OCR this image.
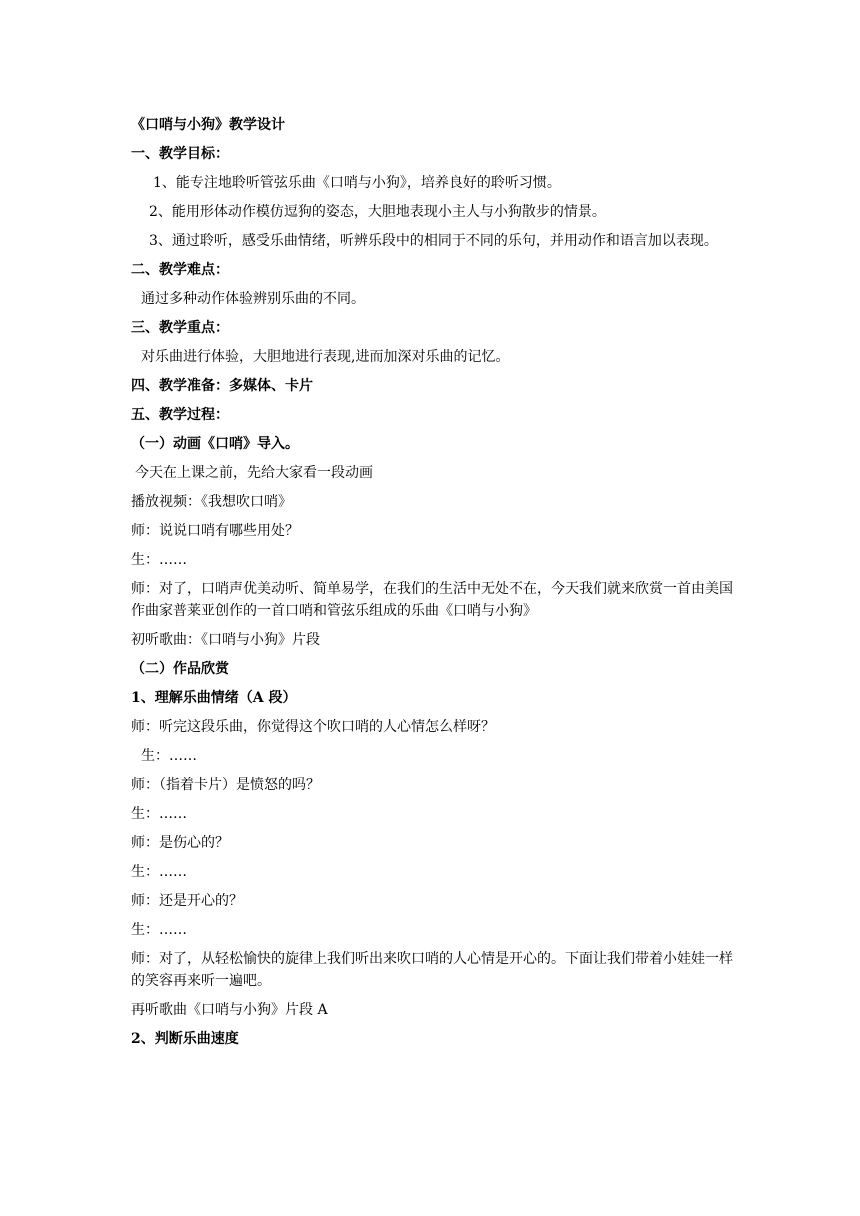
《口哨与小狗》教学设计

一、教学目标：

1、能专注地聆听管弦乐曲《口哨与小狗》，培养良好的聆听习惯。

2、能用形体动作模仿逗狗的姿态，大胆地表现小主人与小狗散步的情景。

3、通过聆听，感受乐曲情绪，听辨乐段中的相同于不同的乐句，并用动作和语言加以表现。

二、教学难点：

通过多种动作体验辨别乐曲的不同。

三、教学重点：

对乐曲进行体验，大胆地进行表现,进而加深对乐曲的记忆。

四、教学准备：多媒体、卡片

五、教学过程：

（一）动画《口哨》导入。

今天在上课之前，先给大家看一段动画

播放视频：《我想吹口哨》

师：说说口哨有哪些用处？

生：……

师：对了，口哨声优美动听、简单易学，在我们的生活中无处不在，今天我们就来欣赏一首由美国作曲家普莱亚创作的一首口哨和管弦乐组成的乐曲《口哨与小狗》

初听歌曲：《口哨与小狗》片段

（二）作品欣赏

1、理解乐曲情绪（A 段）

师：听完这段乐曲，你觉得这个吹口哨的人心情怎么样呀？

生：……

师：（指着卡片）是愤怒的吗？

生：……

师：是伤心的？

生：……

师：还是开心的？

生：……

师：对了，从轻松愉快的旋律上我们听出来吹口哨的人心情是开心的。下面让我们带着小娃娃一样的笑容再来听一遍吧。

再听歌曲《口哨与小狗》片段 A

2、判断乐曲速度
